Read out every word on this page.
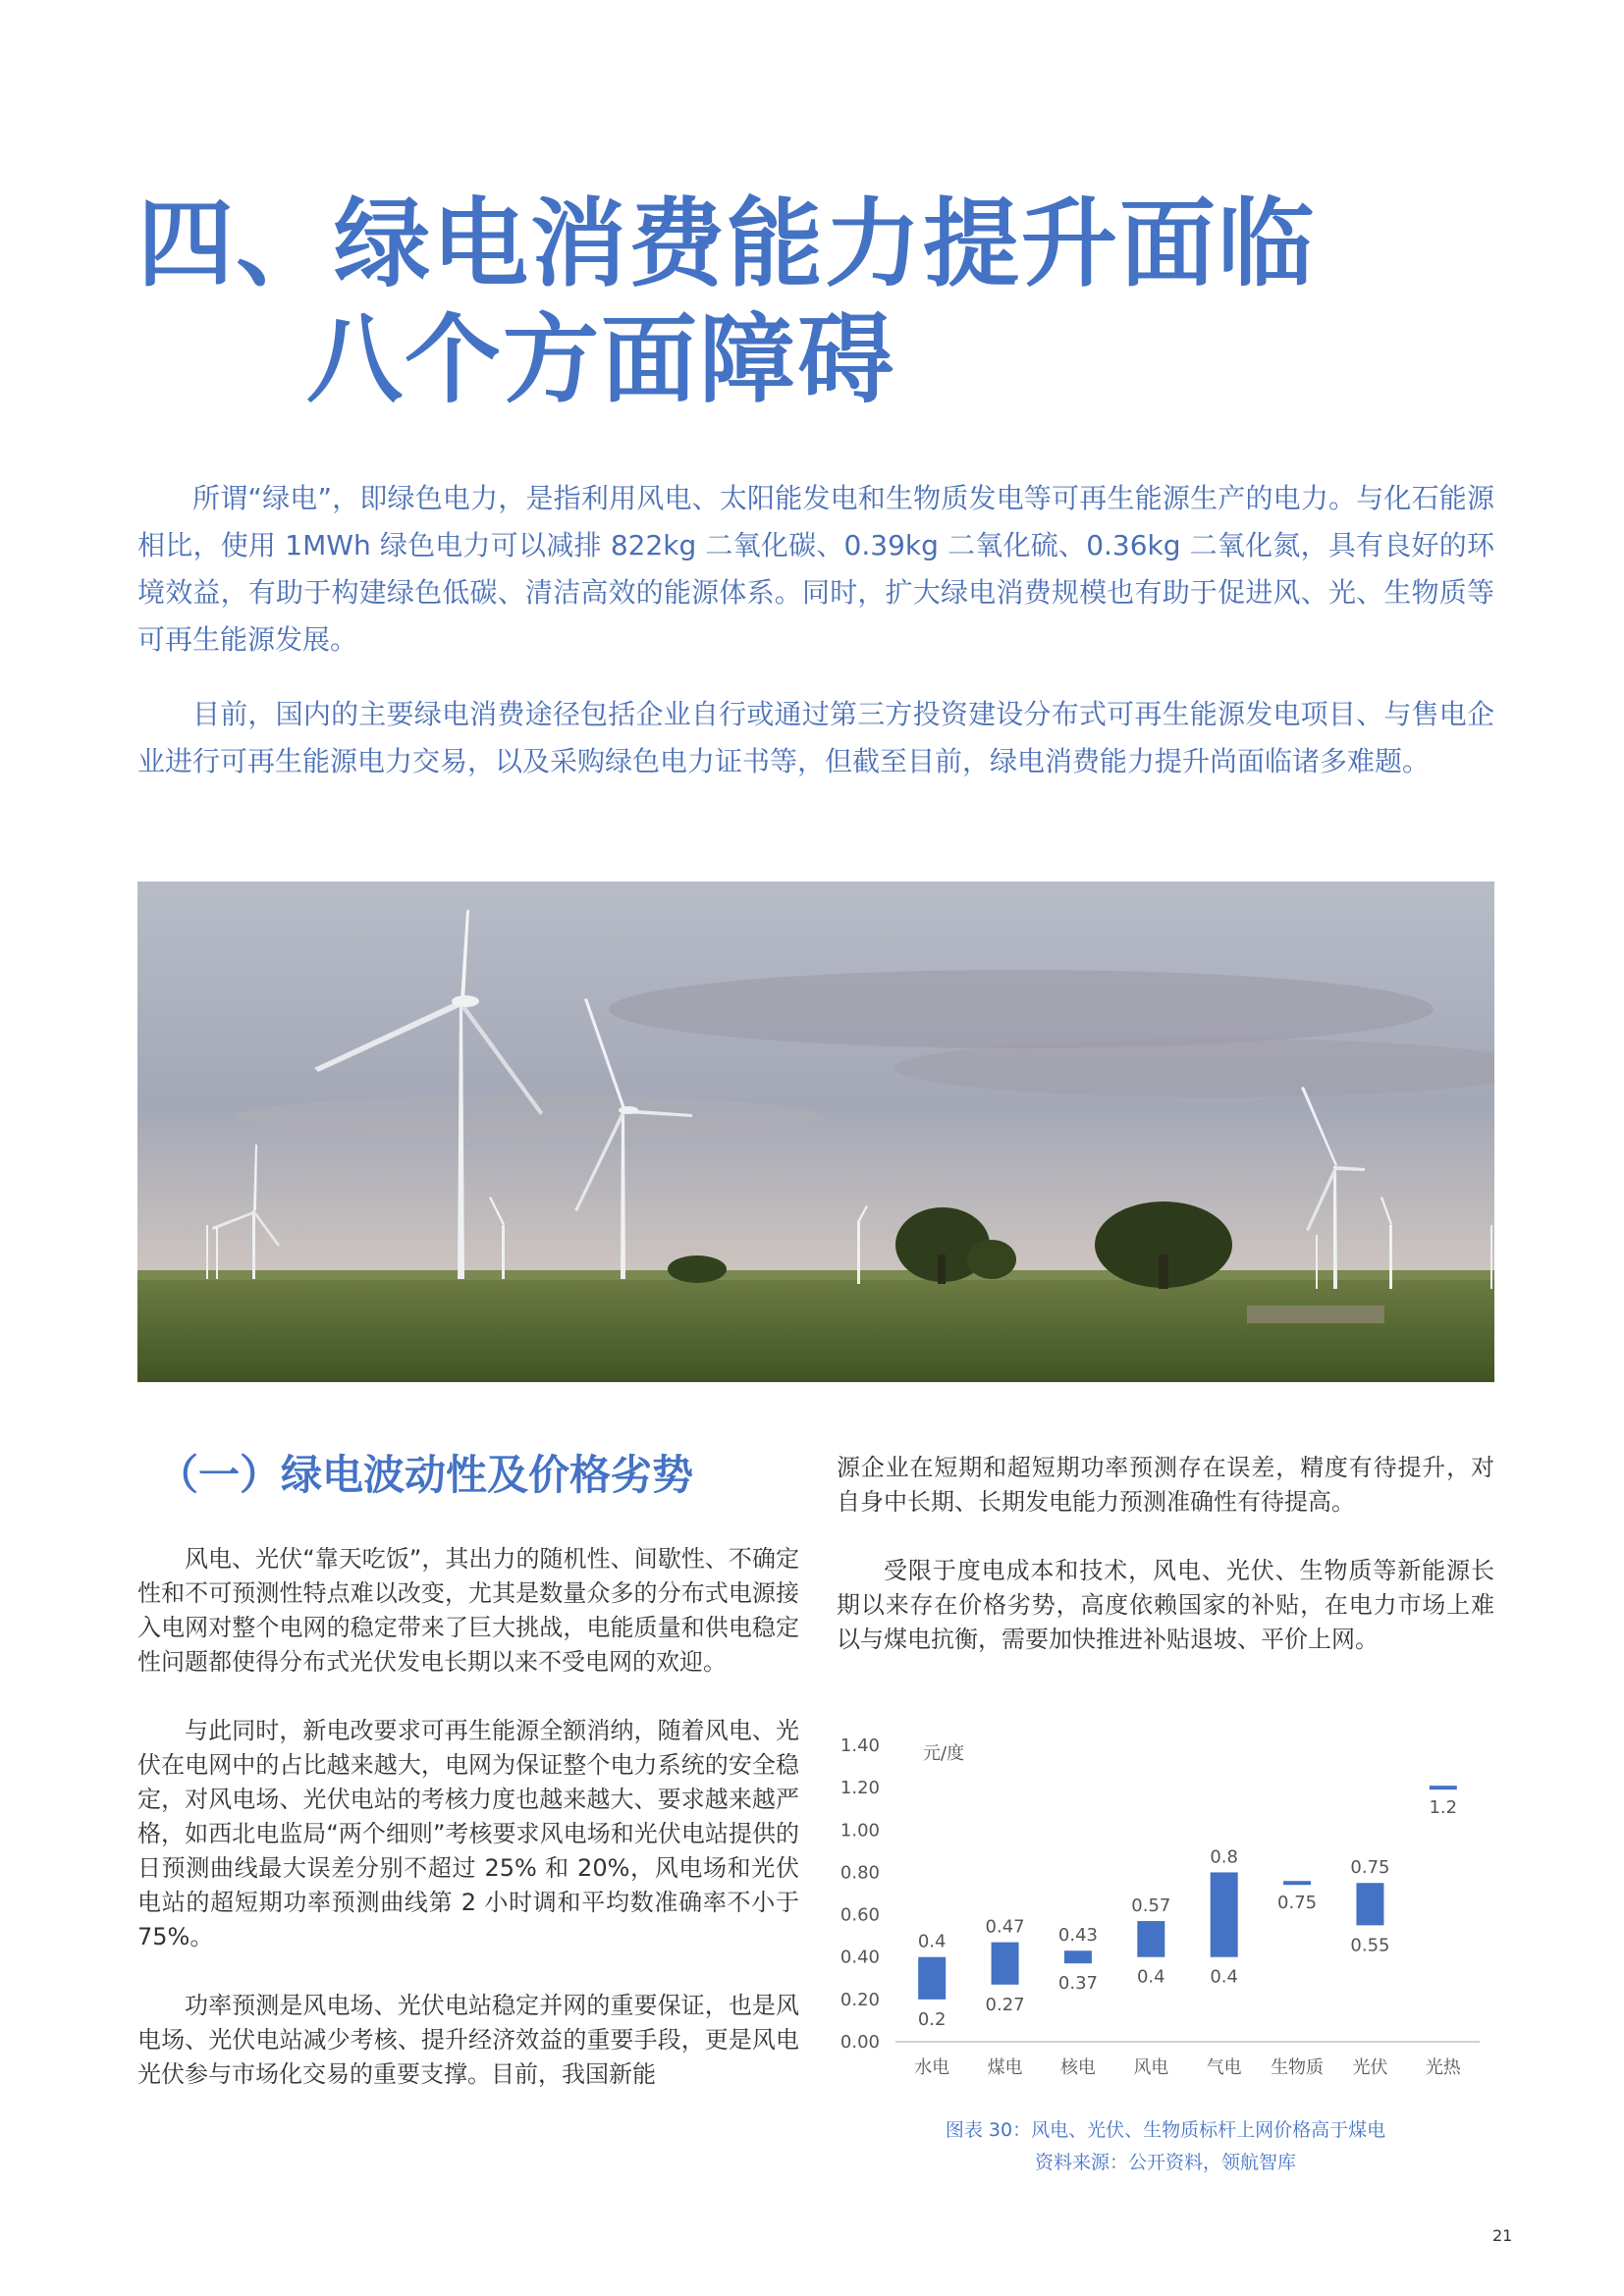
四、绿电消费能力提升面临
八个方面障碍

所谓“绿电”，即绿色电力，是指利用风电、太阳能发电和生物质发电等可再生能源生产的电力。与化石能源相比，使用 1MWh 绿色电力可以减排 822kg 二氧化碳、0.39kg 二氧化硫、0.36kg 二氧化氮，具有良好的环境效益，有助于构建绿色低碳、清洁高效的能源体系。同时，扩大绿电消费规模也有助于促进风、光、生物质等可再生能源发展。

目前，国内的主要绿电消费途径包括企业自行或通过第三方投资建设分布式可再生能源发电项目、与售电企业进行可再生能源电力交易，以及采购绿色电力证书等，但截至目前，绿电消费能力提升尚面临诸多难题。

（一）绿电波动性及价格劣势

风电、光伏“靠天吃饭”，其出力的随机性、间歇性、不确定性和不可预测性特点难以改变，尤其是数量众多的分布式电源接入电网对整个电网的稳定带来了巨大挑战，电能质量和供电稳定性问题都使得分布式光伏发电长期以来不受电网的欢迎。

与此同时，新电改要求可再生能源全额消纳，随着风电、光伏在电网中的占比越来越大，电网为保证整个电力系统的安全稳定，对风电场、光伏电站的考核力度也越来越大、要求越来越严格，如西北电监局“两个细则”考核要求风电场和光伏电站提供的日预测曲线最大误差分别不超过 25% 和 20%，风电场和光伏电站的超短期功率预测曲线第 2 小时调和平均数准确率不小于 75%。

功率预测是风电场、光伏电站稳定并网的重要保证，也是风电场、光伏电站减少考核、提升经济效益的重要手段，更是风电光伏参与市场化交易的重要支撑。目前，我国新能

源企业在短期和超短期功率预测存在误差，精度有待提升，对自身中长期、长期发电能力预测准确性有待提高。

受限于度电成本和技术，风电、光伏、生物质等新能源长期以来存在价格劣势，高度依赖国家的补贴，在电力市场上难以与煤电抗衡，需要加快推进补贴退坡、平价上网。

0.00
0.20
0.40
0.60
0.80
1.00
1.20
1.40 元/度
0.4
0.2
水电
0.47
0.27
煤电
0.43
0.37
核电
0.57
0.4
风电
0.8
0.4
气电
0.75
生物质
0.75
0.55
光伏
1.2
光热
图表 30：风电、光伏、生物质标杆上网价格高于煤电
资料来源：公开资料，领航智库
21
